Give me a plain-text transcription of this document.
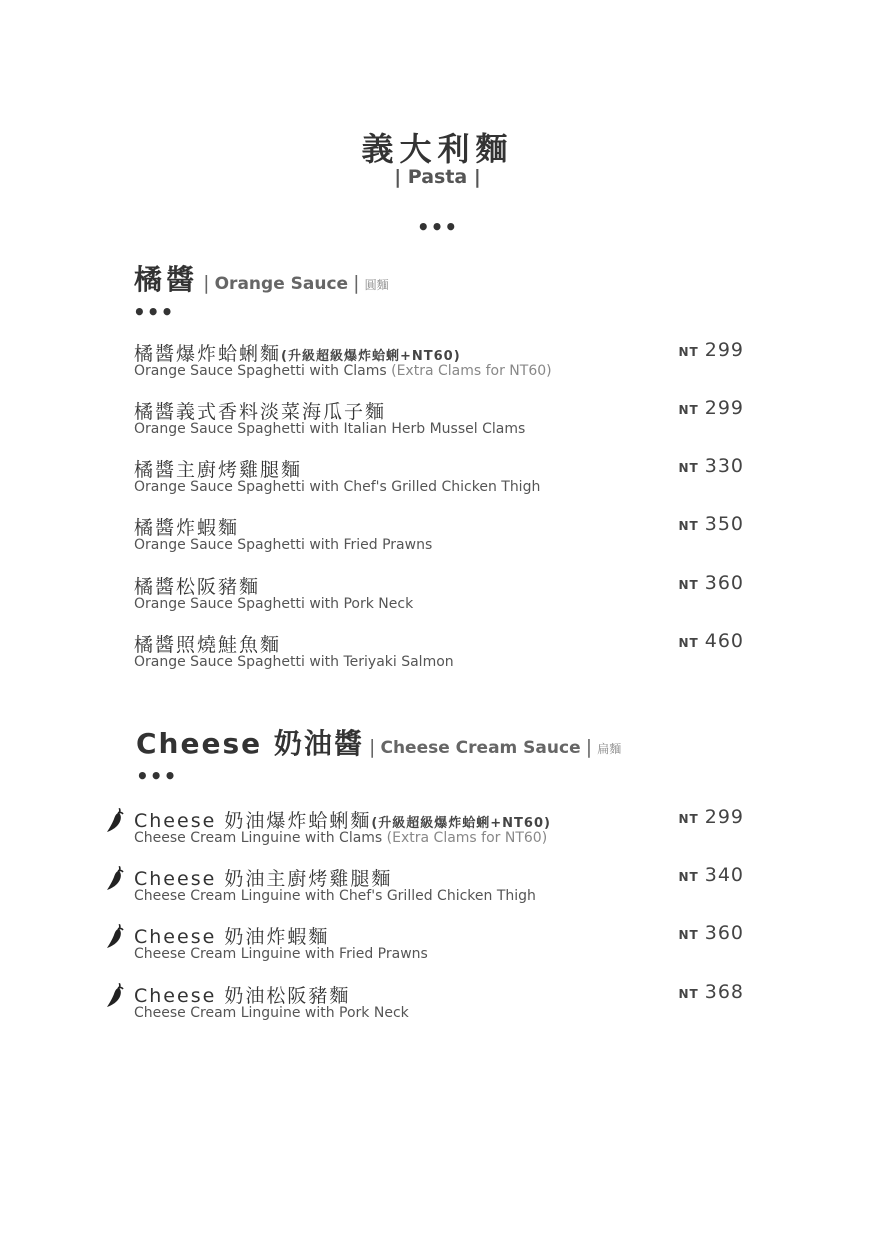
義大利麵
| Pasta |
•••
橘醬 | Orange Sauce | 圓麵
•••
橘醬爆炸蛤蜊麵(升級超級爆炸蛤蜊+NT60)
Orange Sauce Spaghetti with Clams (Extra Clams for NT60)
NT 299
橘醬義式香料淡菜海瓜子麵
Orange Sauce Spaghetti with Italian Herb Mussel Clams
NT 299
橘醬主廚烤雞腿麵
Orange Sauce Spaghetti with Chef's Grilled Chicken Thigh
NT 330
橘醬炸蝦麵
Orange Sauce Spaghetti with Fried Prawns
NT 350
橘醬松阪豬麵
Orange Sauce Spaghetti with Pork Neck
NT 360
橘醬照燒鮭魚麵
Orange Sauce Spaghetti with Teriyaki Salmon
NT 460
Cheese 奶油醬 | Cheese Cream Sauce | 扁麵
•••
Cheese 奶油爆炸蛤蜊麵(升級超級爆炸蛤蜊+NT60)
Cheese Cream Linguine with Clams (Extra Clams for NT60)
NT 299
Cheese 奶油主廚烤雞腿麵
Cheese Cream Linguine with Chef's Grilled Chicken Thigh
NT 340
Cheese 奶油炸蝦麵
Cheese Cream Linguine with Fried Prawns
NT 360
Cheese 奶油松阪豬麵
Cheese Cream Linguine with Pork Neck
NT 368
